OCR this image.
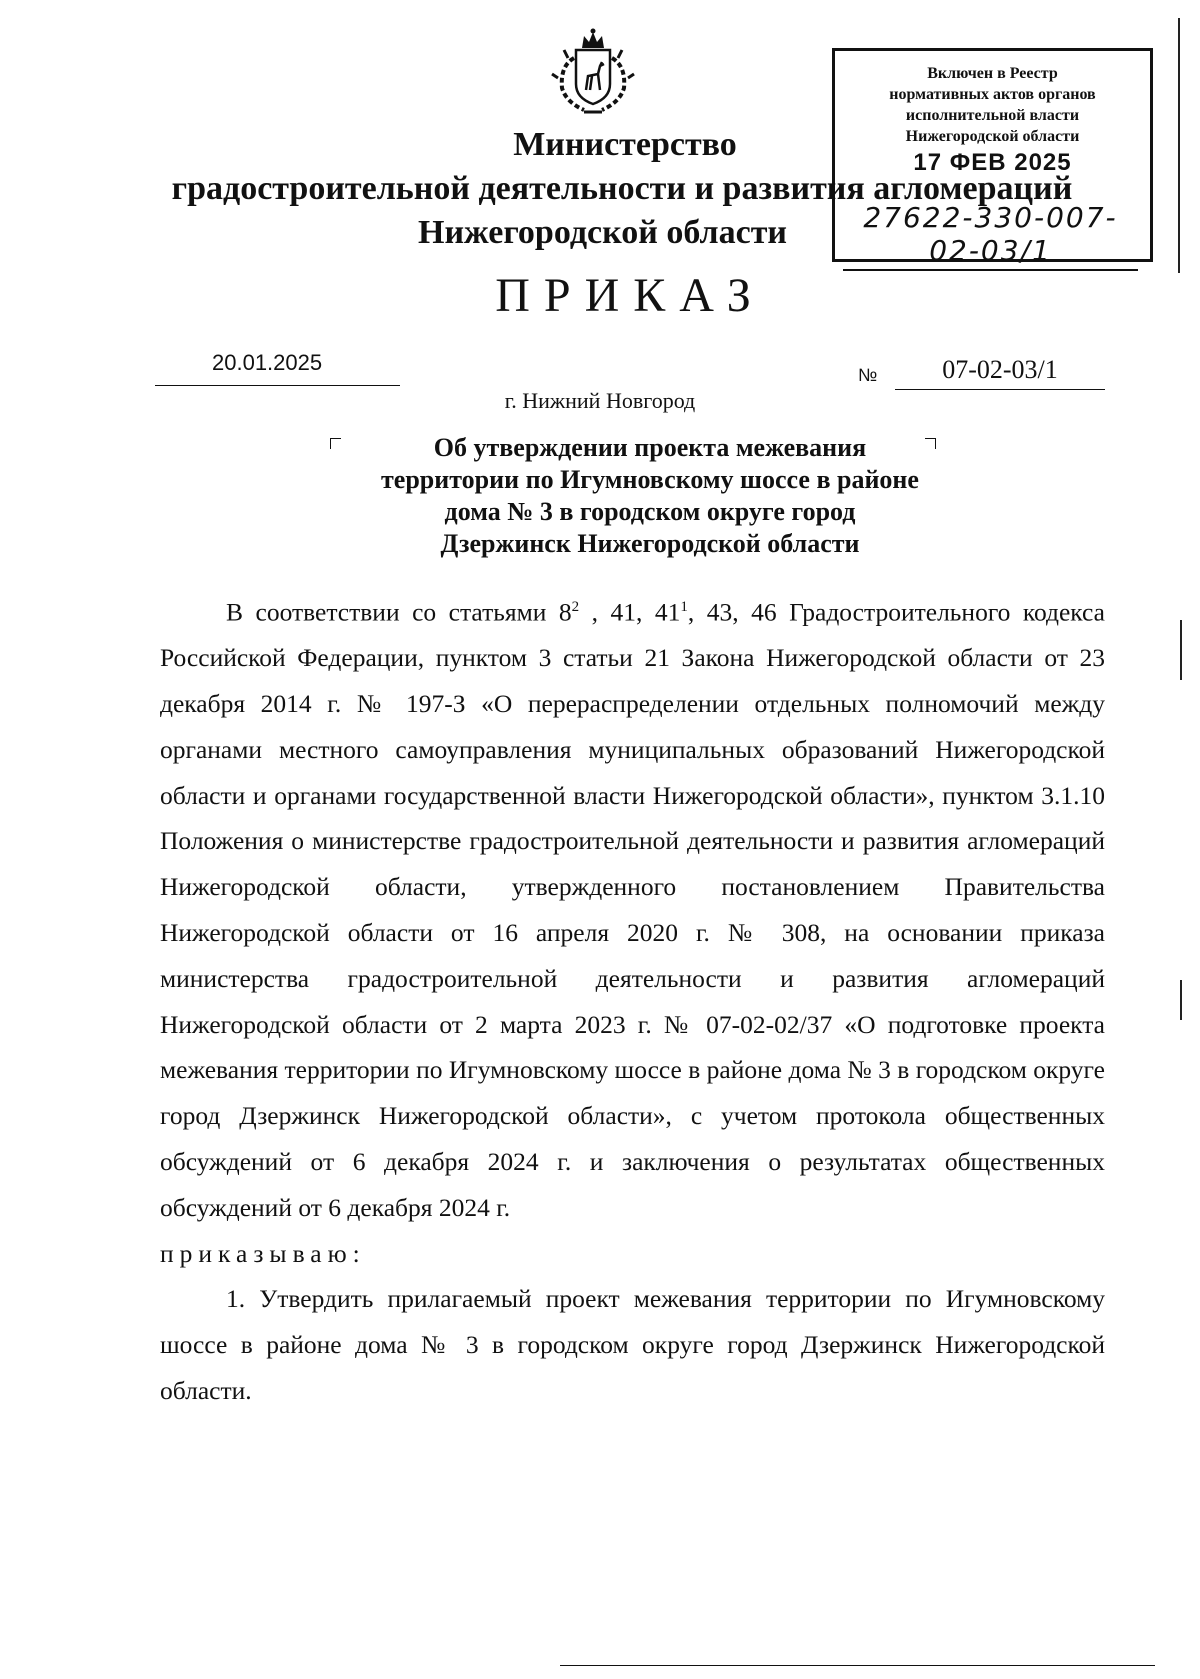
Министерство
градостроительной деятельности и развития агломераций
Нижегородской области
Включен в Реестр
нормативных актов органов
исполнительной власти
Нижегородской области
17 ФЕВ 2025
27622-330-007-02-03/1
ПРИКАЗ
20.01.2025	№	07-02-03/1
г. Нижний Новгород
Об утверждении проекта межевания
территории по Игумновскому шоссе в районе
дома № 3 в городском округе город
Дзержинск Нижегородской области

В соответствии со статьями $8^2$ , 41, $41^1$, 43, 46 Градостроительного кодекса Российской Федерации, пунктом 3 статьи 21 Закона Нижегородской области от 23 декабря 2014 г. № 197-З «О перераспределении отдельных полномочий между органами местного самоуправления муниципальных образований Нижегородской области и органами государственной власти Нижегородской области», пунктом 3.1.10 Положения о министерстве градостроительной деятельности и развития агломераций Нижегородской области, утвержденного постановлением Правительства Нижегородской области от 16 апреля 2020 г. № 308, на основании приказа министерства градостроительной деятельности и развития агломераций Нижегородской области от 2 марта 2023 г. № 07-02-02/37 «О подготовке проекта межевания территории по Игумновскому шоссе в районе дома № 3 в городском округе город Дзержинск Нижегородской области», с учетом протокола общественных обсуждений от 6 декабря 2024 г. и заключения о результатах общественных обсуждений от 6 декабря 2024 г.

приказываю:

1. Утвердить прилагаемый проект межевания территории по Игумновскому шоссе в районе дома № 3 в городском округе город Дзержинск Нижегородской области.
